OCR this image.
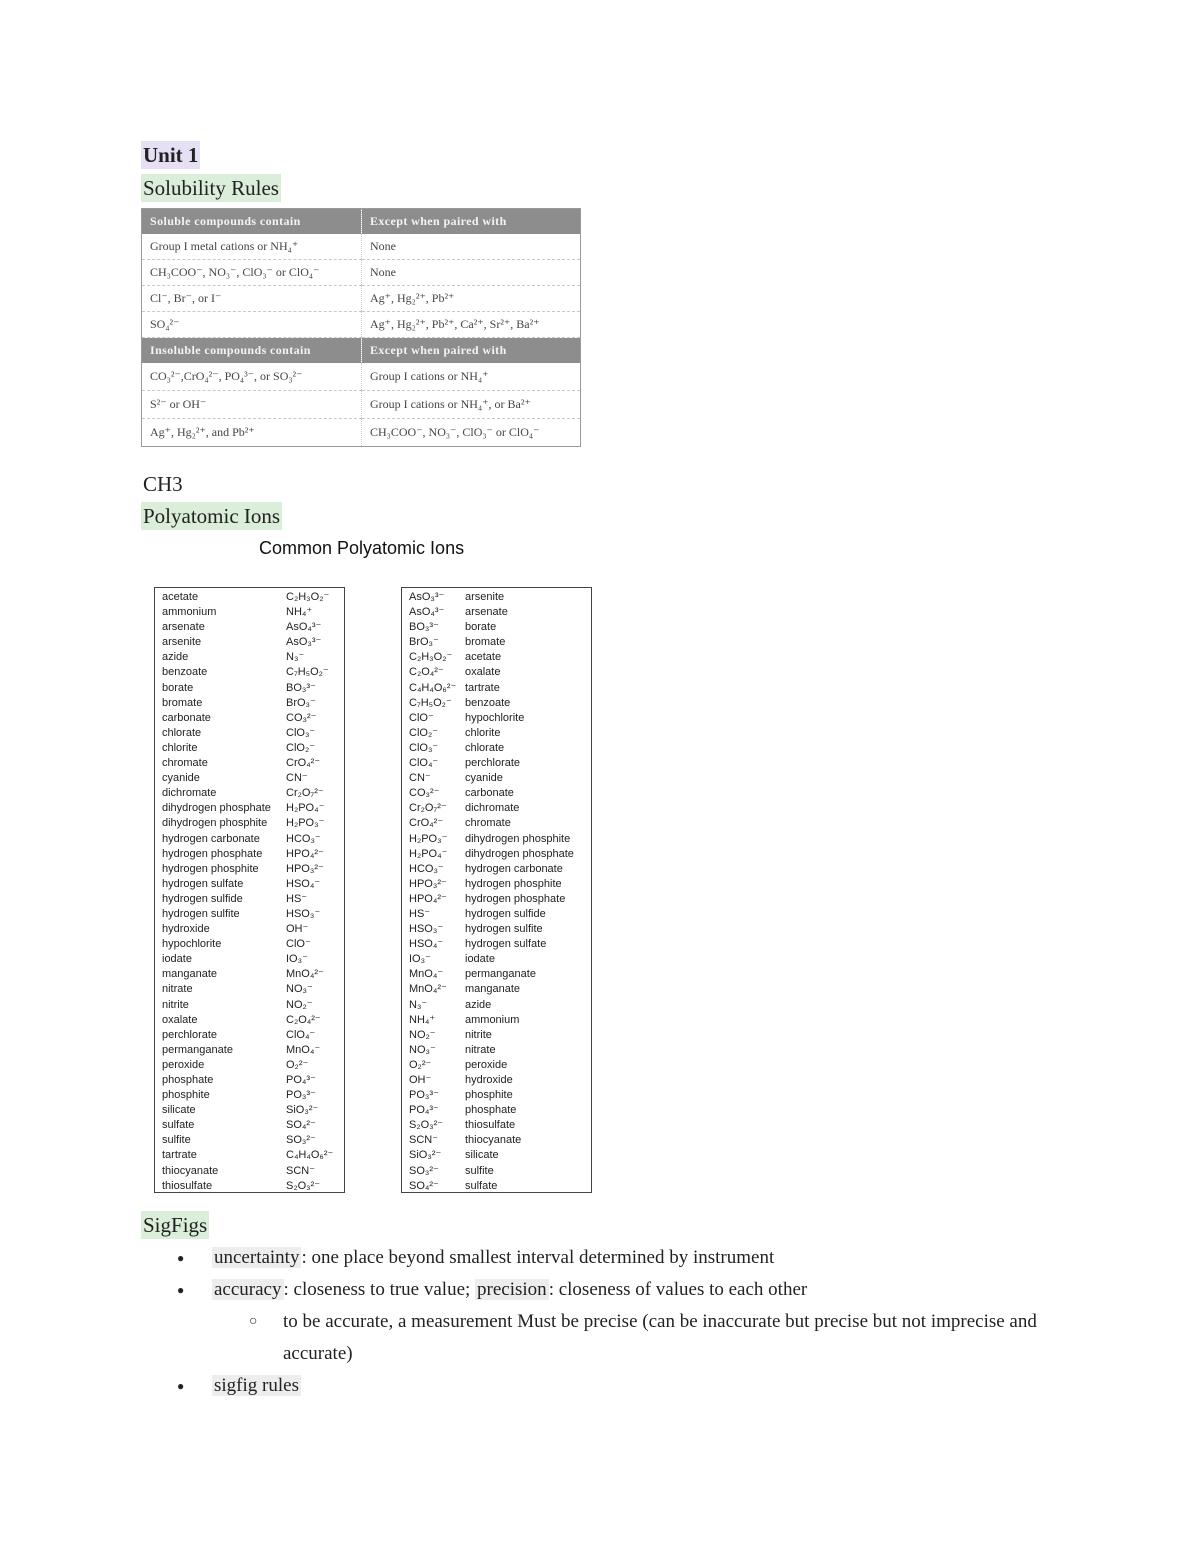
Unit 1
Solubility Rules
Soluble compounds contain	Except when paired with
Group I metal cations or NH₄⁺	None
CH₃COO⁻, NO₃⁻, ClO₃⁻ or ClO₄⁻	None
Cl⁻, Br⁻, or I⁻	Ag⁺, Hg₂²⁺, Pb²⁺
SO₄²⁻	Ag⁺, Hg₂²⁺, Pb²⁺, Ca²⁺, Sr²⁺, Ba²⁺
Insoluble compounds contain	Except when paired with
CO₃²⁻,CrO₄²⁻, PO₄³⁻, or SO₃²⁻	Group I cations or NH₄⁺
S²⁻ or OH⁻	Group I cations or NH₄⁺, or Ba²⁺
Ag⁺, Hg₂²⁺, and Pb²⁺	CH₃COO⁻, NO₃⁻, ClO₃⁻ or ClO₄⁻
CH3
Polyatomic Ions
Common Polyatomic Ions
acetate	C₂H₃O₂⁻
ammonium	NH₄⁺
arsenate	AsO₄³⁻
arsenite	AsO₃³⁻
azide	N₃⁻
benzoate	C₇H₅O₂⁻
borate	BO₃³⁻
bromate	BrO₃⁻
carbonate	CO₃²⁻
chlorate	ClO₃⁻
chlorite	ClO₂⁻
chromate	CrO₄²⁻
cyanide	CN⁻
dichromate	Cr₂O₇²⁻
dihydrogen phosphate H₂PO₄⁻
dihydrogen phosphite H₂PO₃⁻
hydrogen carbonate HCO₃⁻
hydrogen phosphate HPO₄²⁻
hydrogen phosphite HPO₃²⁻
hydrogen sulfate	HSO₄⁻
hydrogen sulfide	HS⁻
hydrogen sulfite	HSO₃⁻
hydroxide	OH⁻
hypochlorite	ClO⁻
iodate	IO₃⁻
manganate	MnO₄²⁻
nitrate	NO₃⁻
nitrite	NO₂⁻
oxalate	C₂O₄²⁻
perchlorate	ClO₄⁻
permanganate	MnO₄⁻
peroxide	O₂²⁻
phosphate	PO₄³⁻
phosphite	PO₃³⁻
silicate	SiO₃²⁻
sulfate	SO₄²⁻
sulfite	SO₃²⁻
tartrate	C₄H₄O₆²⁻
thiocyanate	SCN⁻
thiosulfate	S₂O₃²⁻
AsO₃³⁻ arsenite
AsO₄³⁻ arsenate
BO₃³⁻ borate
BrO₃⁻ bromate
C₂H₃O₂⁻ acetate
C₂O₄²⁻ oxalate
C₄H₄O₆²⁻ tartrate
C₇H₅O₂⁻ benzoate
ClO⁻	hypochlorite
ClO₂⁻ chlorite
ClO₃⁻ chlorate
ClO₄⁻ perchlorate
CN⁻	cyanide
CO₃²⁻ carbonate
Cr₂O₇²⁻ dichromate
CrO₄²⁻ chromate
H₂PO₃⁻ dihydrogen phosphite
H₂PO₄⁻ dihydrogen phosphate
HCO₃⁻ hydrogen carbonate
HPO₃²⁻ hydrogen phosphite
HPO₄²⁻ hydrogen phosphate
HS⁻	hydrogen sulfide
HSO₃⁻ hydrogen sulfite
HSO₄⁻ hydrogen sulfate
IO₃⁻	iodate
MnO₄⁻ permanganate
MnO₄²⁻ manganate
N₃⁻	azide
NH₄⁺	ammonium
NO₂⁻	nitrite
NO₃⁻	nitrate
O₂²⁻	peroxide
OH⁻	hydroxide
PO₃³⁻ phosphite
PO₄³⁻ phosphate
S₂O₃²⁻ thiosulfate
SCN⁻ thiocyanate
SiO₃²⁻ silicate
SO₃²⁻ sulfite
SO₄²⁻ sulfate
SigFigs
● uncertainty : one place beyond smallest interval determined by instrument
● accuracy : closeness to true value; precision : closeness of values to each other
○ to be accurate, a measurement Must be precise (can be inaccurate but precise but not imprecise and accurate)
● sigfig rules
